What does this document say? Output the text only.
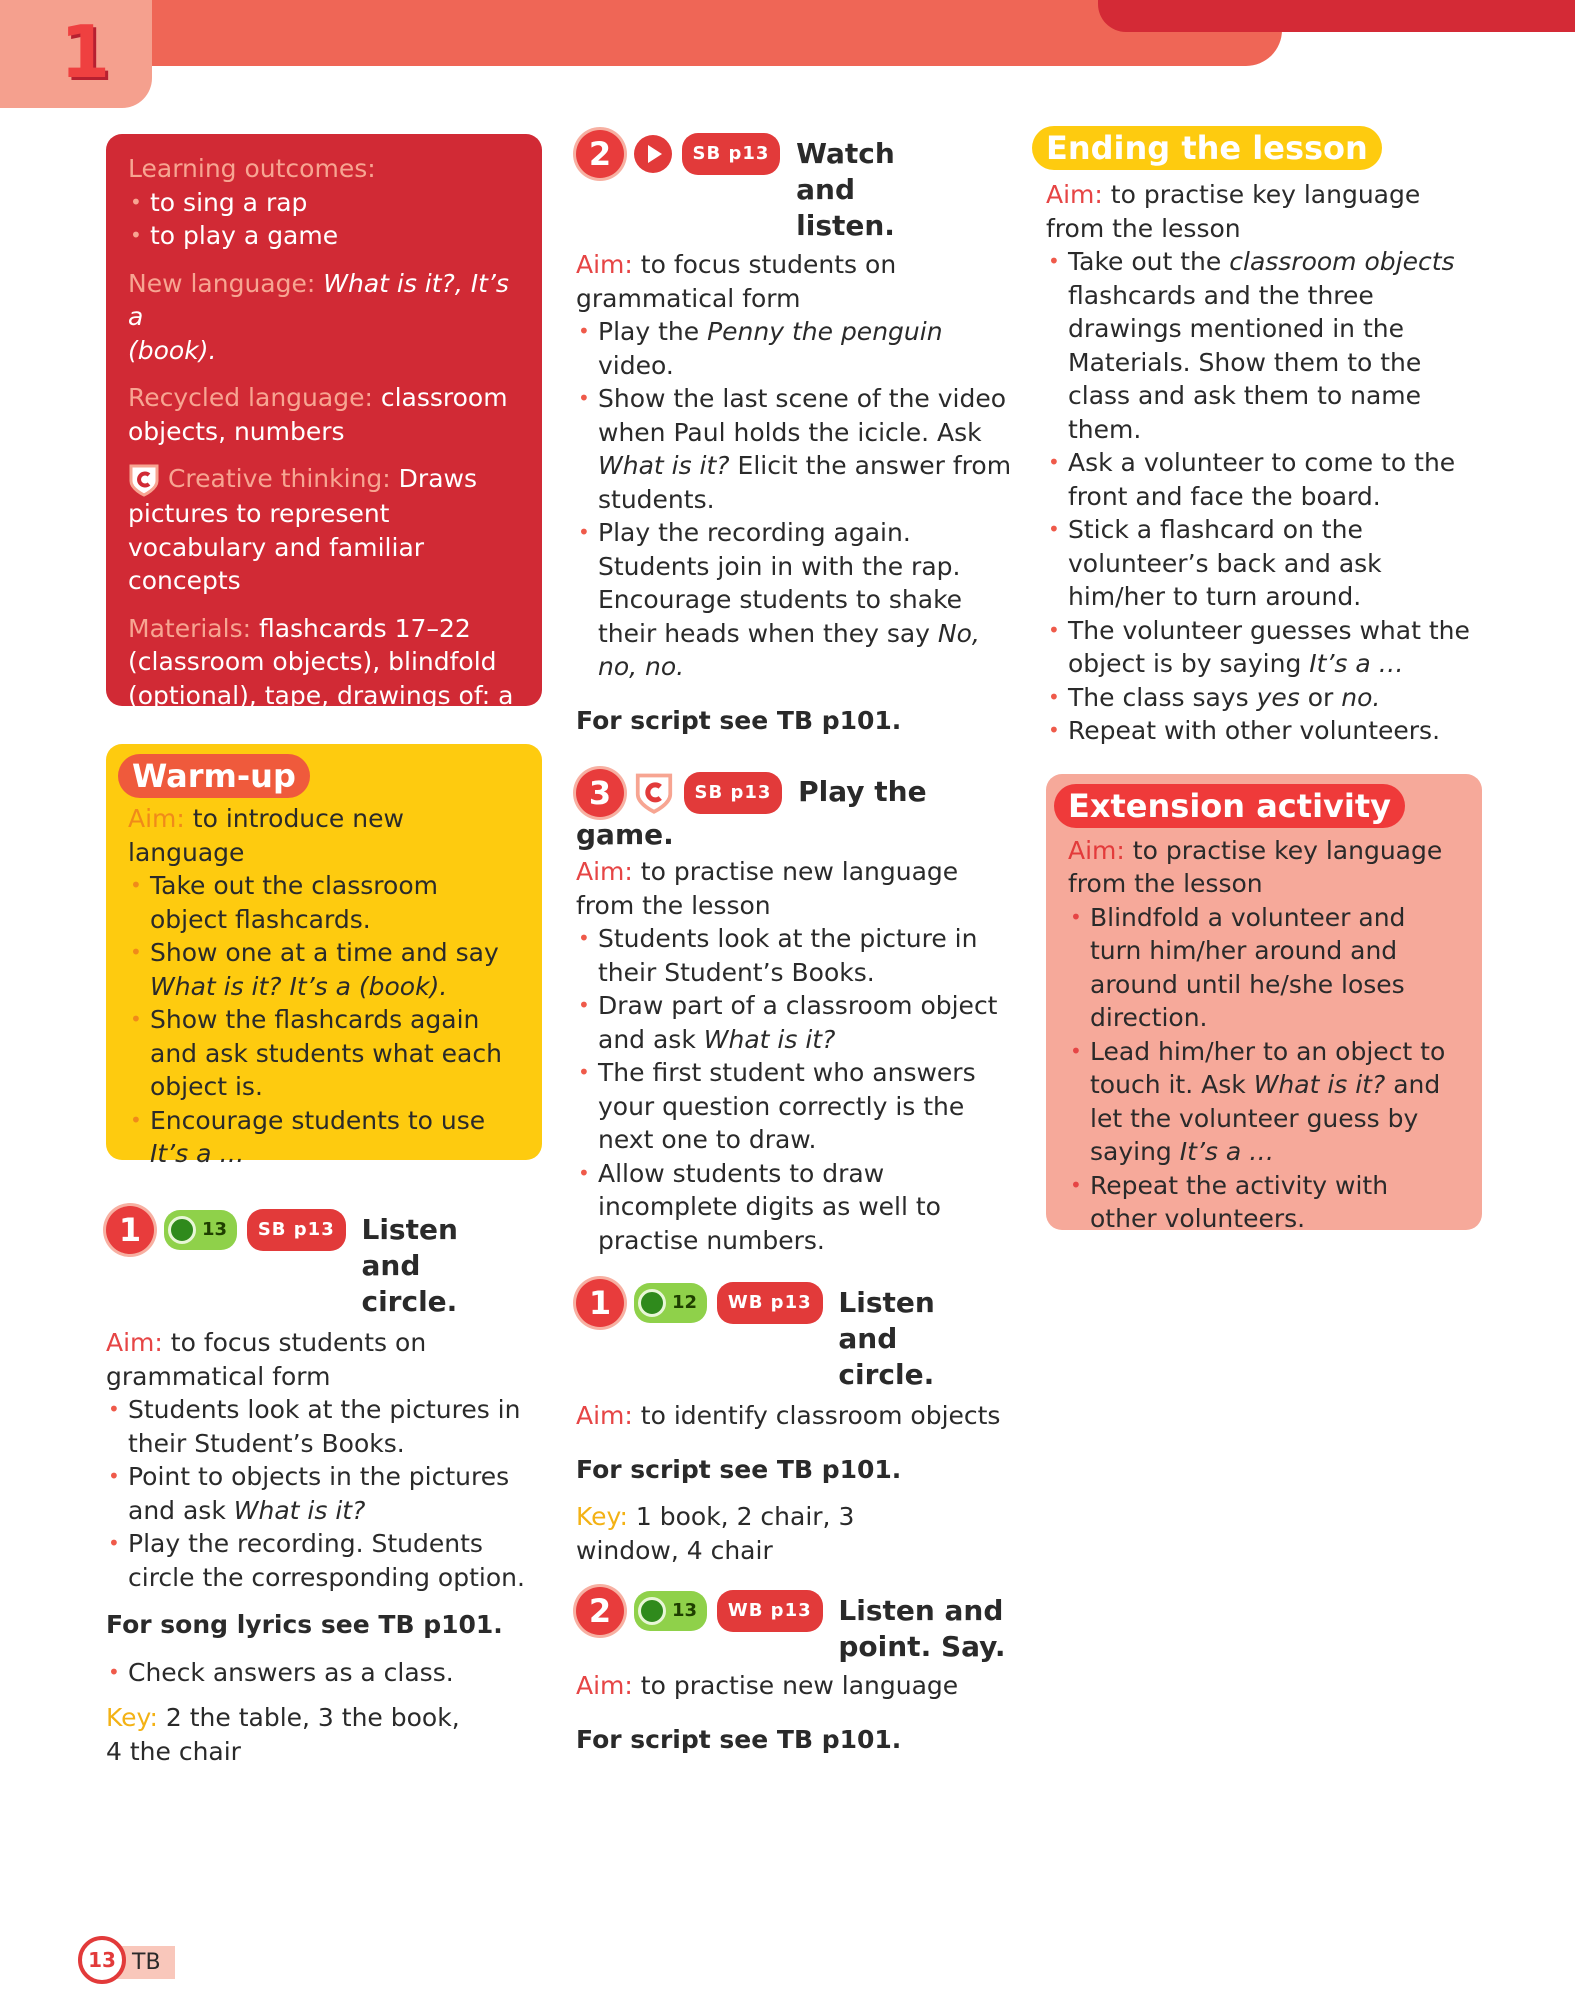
1

Learning outcomes:

• to sing a rap
• to play a game

New language: What is it?, It’s a
(book).

Recycled language: classroom objects, numbers

Creative thinking: Draws pictures to represent vocabulary and familiar concepts

Materials: flashcards 17–22 (classroom objects), blindfold (optional), tape, drawings of: a girl, boy, teacher

Warm-up

Aim: to introduce new language

• Take out the classroom object flashcards.
• Show one at a time and say What is it? It’s a (book).
• Show the flashcards again and ask students what each object is.
• Encourage students to use
It’s a …
1	13 SB p13 Listen and circle.

Aim: to focus students on grammatical form

• Students look at the pictures in their Student’s Books.
• Point to objects in the pictures and ask What is it?
• Play the recording. Students circle the corresponding option.

For song lyrics see TB p101.

• Check answers as a class.

Key: 2 the table, 3 the book, 4 the chair

2	SB p13 Watch and listen.

Aim: to focus students on grammatical form

• Play the Penny the penguin video.
• Show the last scene of the video when Paul holds the icicle. Ask What is it? Elicit the answer from students.
• Play the recording again. Students join in with the rap. Encourage students to shake their heads when they say No, no, no.

For script see TB p101.

3	SB p13 Play the game.

Aim: to practise new language from the lesson

• Students look at the picture in their Student’s Books.
• Draw part of a classroom object and ask What is it?
• The first student who answers your question correctly is the next one to draw.
• Allow students to draw incomplete digits as well to practise numbers.
1	12 WB p13 Listen and circle.

Aim: to identify classroom objects

For script see TB p101.

Key: 1 book, 2 chair, 3 window, 4 chair

2	13 WB p13 Listen and point. Say.

Aim: to practise new language

For script see TB p101.

Ending the lesson

Aim: to practise key language from the lesson

• Take out the classroom objects flashcards and the three drawings mentioned in the Materials. Show them to the class and ask them to name them.
• Ask a volunteer to come to the front and face the board.
• Stick a flashcard on the volunteer’s back and ask him/her to turn around.
• The volunteer guesses what the object is by saying It’s a …
• The class says yes or no.
• Repeat with other volunteers.
Extension activity

Aim: to practise key language from the lesson

• Blindfold a volunteer and turn him/her around and around until he/she loses direction.
• Lead him/her to an object to touch it. Ask What is it? and let the volunteer guess by saying It’s a …
• Repeat the activity with other volunteers.
13 TB
